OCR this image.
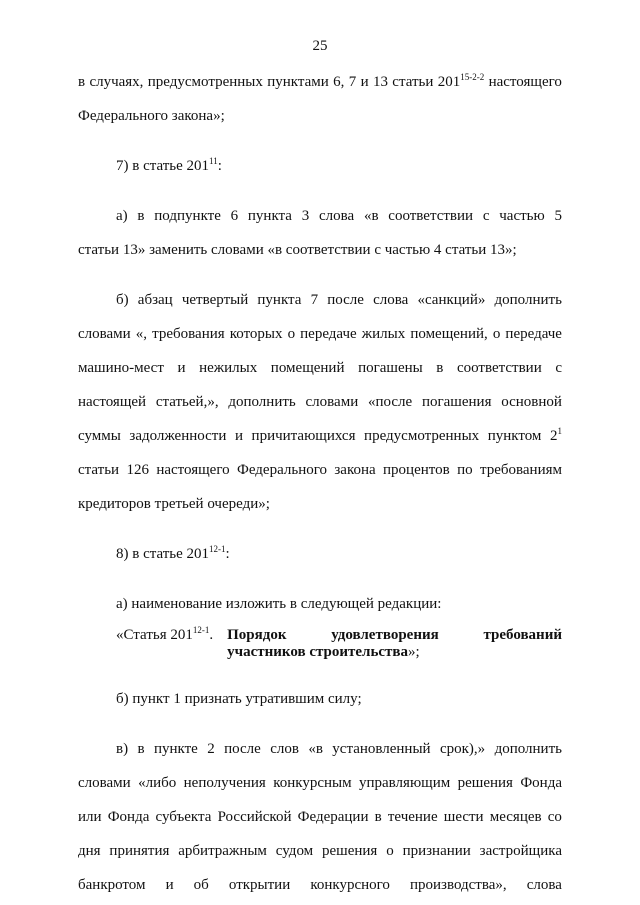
25
в случаях, предусмотренных пунктами 6, 7 и 13 статьи 201$^{15-2-2}$ настоящего
Федерального закона»;
7) в статье $201^{11}$:
а) в подпункте 6 пункта 3 слова «в соответствии с частью 5
статьи 13» заменить словами «в соответствии с частью 4 статьи 13»;
б) абзац четвертый пункта 7 после слова «санкций» дополнить
словами «, требования которых о передаче жилых помещений, о передаче
машино-мест и нежилых помещений погашены в соответствии с
настоящей статьей,», дополнить словами «после погашения основной
суммы задолженности и причитающихся предусмотренных пунктом $2^1$
статьи 126 настоящего Федерального закона процентов по требованиям
кредиторов третьей очереди»;
8) в статье 201$^{12-1}$:
а) наименование изложить в следующей редакции:
«Статья 201$^{12-1}$. Порядок	удовлетворения	требований
участников строительства»;
б) пункт 1 признать утратившим силу;
в) в пункте 2 после слов «в установленный срок),» дополнить
словами «либо неполучения конкурсным управляющим решения Фонда
или Фонда субъекта Российской Федерации в течение шести месяцев со
дня принятия арбитражным судом решения о признании застройщика
банкротом и об открытии конкурсного производства», слова
